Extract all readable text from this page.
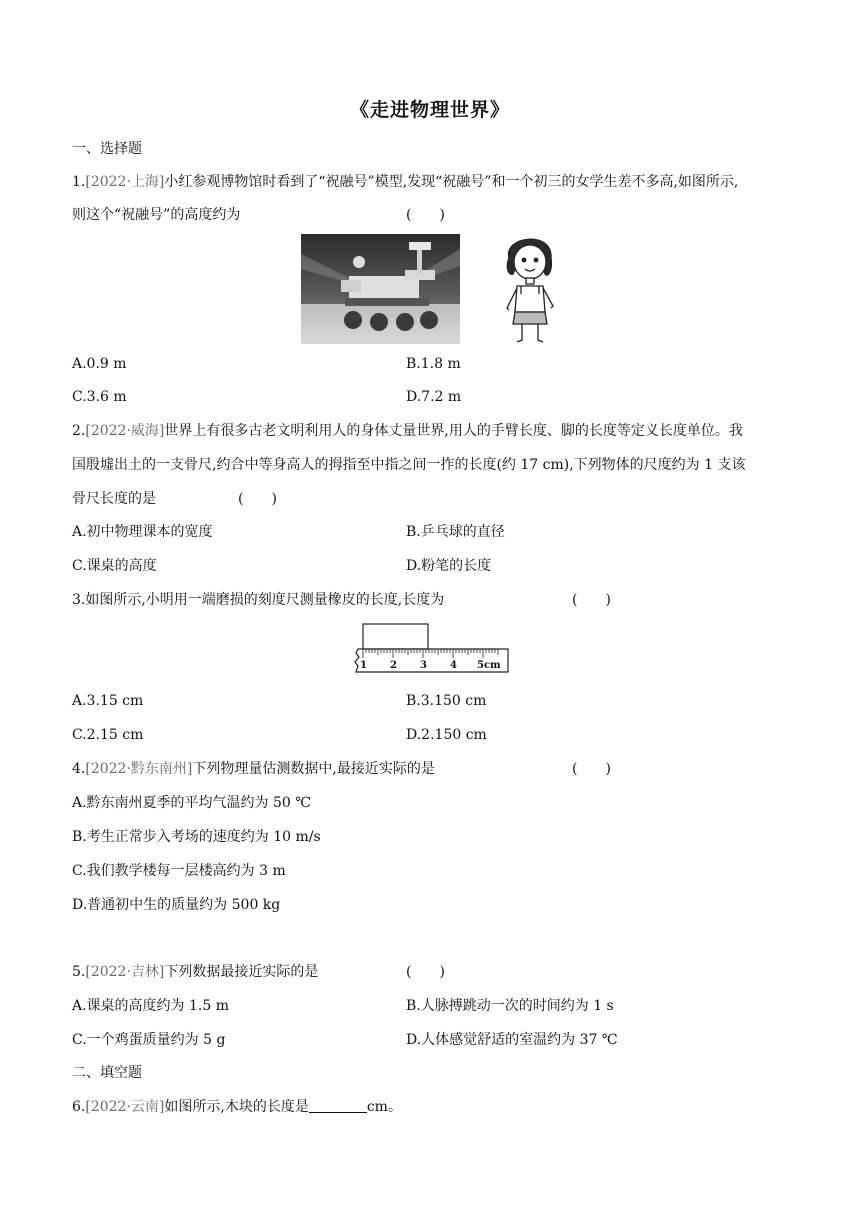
《走进物理世界》
一、选择题
1.[2022·上海]小红参观博物馆时看到了“祝融号”模型,发现“祝融号”和一个初三的女学生差不多高,如图所示,
则这个“祝融号”的高度约为	(　　)
A.0.9 m	B.1.8 m
C.3.6 m	D.7.2 m
2.[2022·威海]世界上有很多古老文明利用人的身体丈量世界,用人的手臂长度、脚的长度等定义长度单位。我
国殷墟出土的一支骨尺,约合中等身高人的拇指至中指之间一拃的长度(约 17 cm),下列物体的尺度约为 1 支该
骨尺长度的是	(　　)
A.初中物理课本的宽度	B.乒乓球的直径
C.课桌的高度	D.粉笔的长度
3.如图所示,小明用一端磨损的刻度尺测量橡皮的长度,长度为	(　　)
1 2 3 4 5cm
A.3.15 cm	B.3.150 cm
C.2.15 cm	D.2.150 cm
4.[2022·黔东南州]下列物理量估测数据中,最接近实际的是	(　　)
A.黔东南州夏季的平均气温约为 50 ℃
B.考生正常步入考场的速度约为 10 m/s
C.我们教学楼每一层楼高约为 3 m
D.普通初中生的质量约为 500 kg
5.[2022·吉林]下列数据最接近实际的是	(　　)
A.课桌的高度约为 1.5 m	B.人脉搏跳动一次的时间约为 1 s
C.一个鸡蛋质量约为 5 g	D.人体感觉舒适的室温约为 37 ℃
二、填空题
6.[2022·云南]如图所示,木块的长度是	cm。
